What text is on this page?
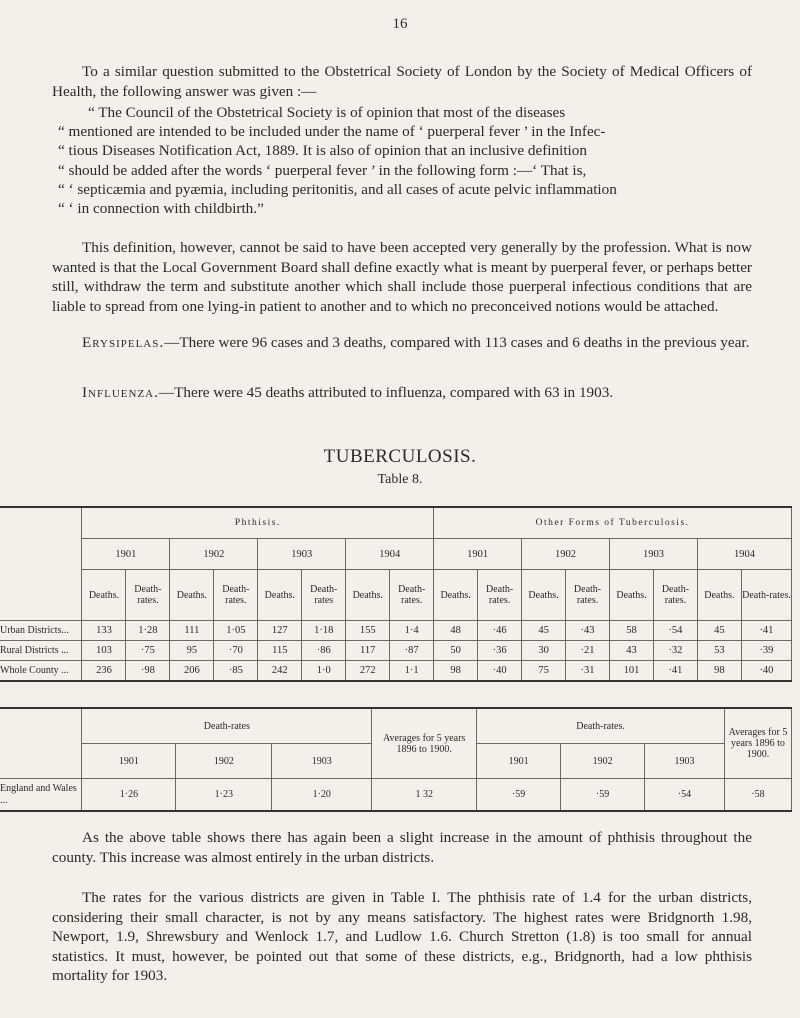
16

To a similar question submitted to the Obstetrical Society of London by the Society of Medical Officers of Health, the following answer was given :—

“ The Council of the Obstetrical Society is of opinion that most of the diseases
“ mentioned are intended to be included under the name of ‘ puerperal fever ’ in the Infec-
“ tious Diseases Notification Act, 1889. It is also of opinion that an inclusive definition
“ should be added after the words ‘ puerperal fever ’ in the following form :—‘ That is,
“ ‘ septicæmia and pyæmia, including peritonitis, and all cases of acute pelvic inflammation
“ ‘ in connection with childbirth.”

This definition, however, cannot be said to have been accepted very generally by the profession. What is now wanted is that the Local Government Board shall define exactly what is meant by puerperal fever, or perhaps better still, withdraw the term and substitute another which shall include those puerperal infectious conditions that are liable to spread from one lying-in patient to another and to which no preconceived notions would be attached.

Erysipelas.—There were 96 cases and 3 deaths, compared with 113 cases and 6 deaths in the previous year.

Influenza.—There were 45 deaths attributed to influenza, compared with 63 in 1903.

TUBERCULOSIS.
Table 8.
	Phthisis.								Other Forms of Tuberculosis.							
	1901		1902		1903		1904		1901		1902		1903		1904	
	Deaths.	Death-rates.	Deaths.	Death-rates.	Deaths.	Death-rates	Deaths.	Death-rates.	Deaths.	Death-rates.	Deaths.	Death-rates.	Deaths.	Death-rates.	Deaths.	Death-rates.
Urban Districts...	133	1·28	111	1·05	127	1·18	155	1·4	48	·46	45	·43	58	·54	45	·41
Rural Districts ...	103	·75	95	·70	115	·86	117	·87	50	·36	30	·21	43	·32	53	·39
Whole County ...	236	·98	206	·85	242	1·0	272	1·1	98	·40	75	·31	101	·41	98	·40
	Death-rates			Averages for 5 years 1896 to 1900.	Death-rates.			Averages for 5 years 1896 to 1900.
	1901	1902	1903		1901	1902	1903	
England and Wales ...	1·26	1·23	1·20	1 32	·59	·59	·54	·58

As the above table shows there has again been a slight increase in the amount of phthisis throughout the county. This increase was almost entirely in the urban districts.

The rates for the various districts are given in Table I. The phthisis rate of 1.4 for the urban districts, considering their small character, is not by any means satisfactory. The highest rates were Bridgnorth 1.98, Newport, 1.9, Shrewsbury and Wenlock 1.7, and Ludlow 1.6. Church Stretton (1.8) is too small for annual statistics. It must, however, be pointed out that some of these districts, e.g., Bridgnorth, had a low phthisis mortality for 1903.
